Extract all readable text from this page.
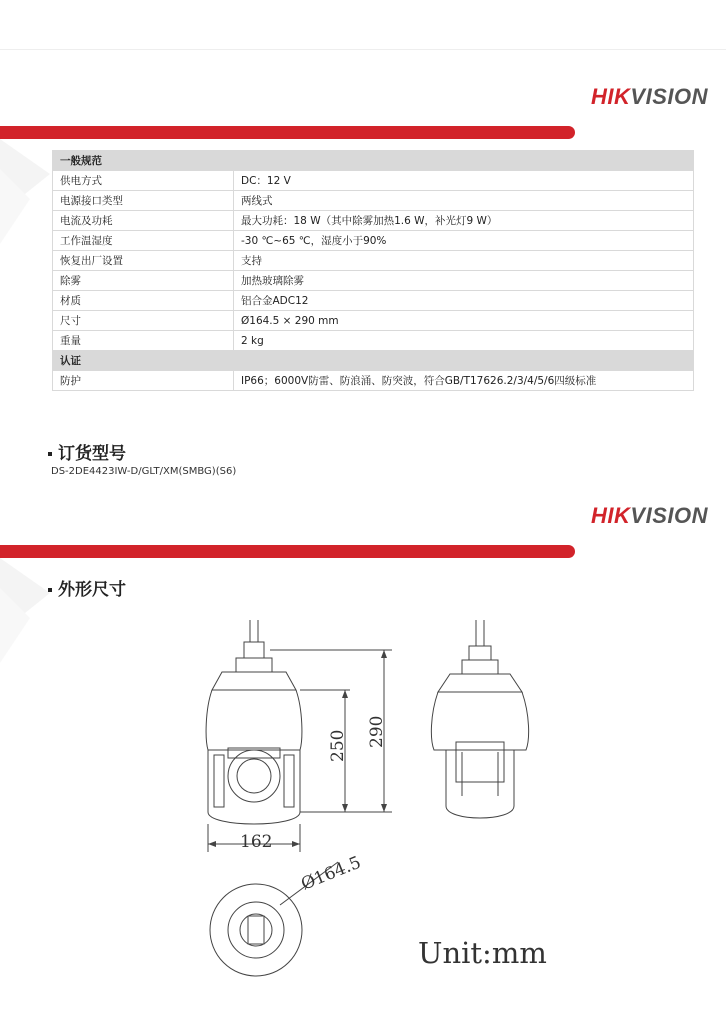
HIKVISION
一般规范	
供电方式	DC：12 V
电源接口类型	两线式
电流及功耗	最大功耗：18 W（其中除雾加热1.6 W，补光灯9 W）
工作温湿度	-30 ℃~65 ℃，湿度小于90%
恢复出厂设置	支持
除雾	加热玻璃除雾
材质	铝合金ADC12
尺寸	Ø164.5 × 290 mm
重量	2 kg
认证	
防护	IP66；6000V防雷、防浪涌、防突波，符合GB/T17626.2/3/4/5/6四级标准
订货型号
DS-2DE4423IW-D/GLT/XM(SMBG)(S6)
HIKVISION
外形尺寸
250 290
162
Ø164.5
Unit:mm
